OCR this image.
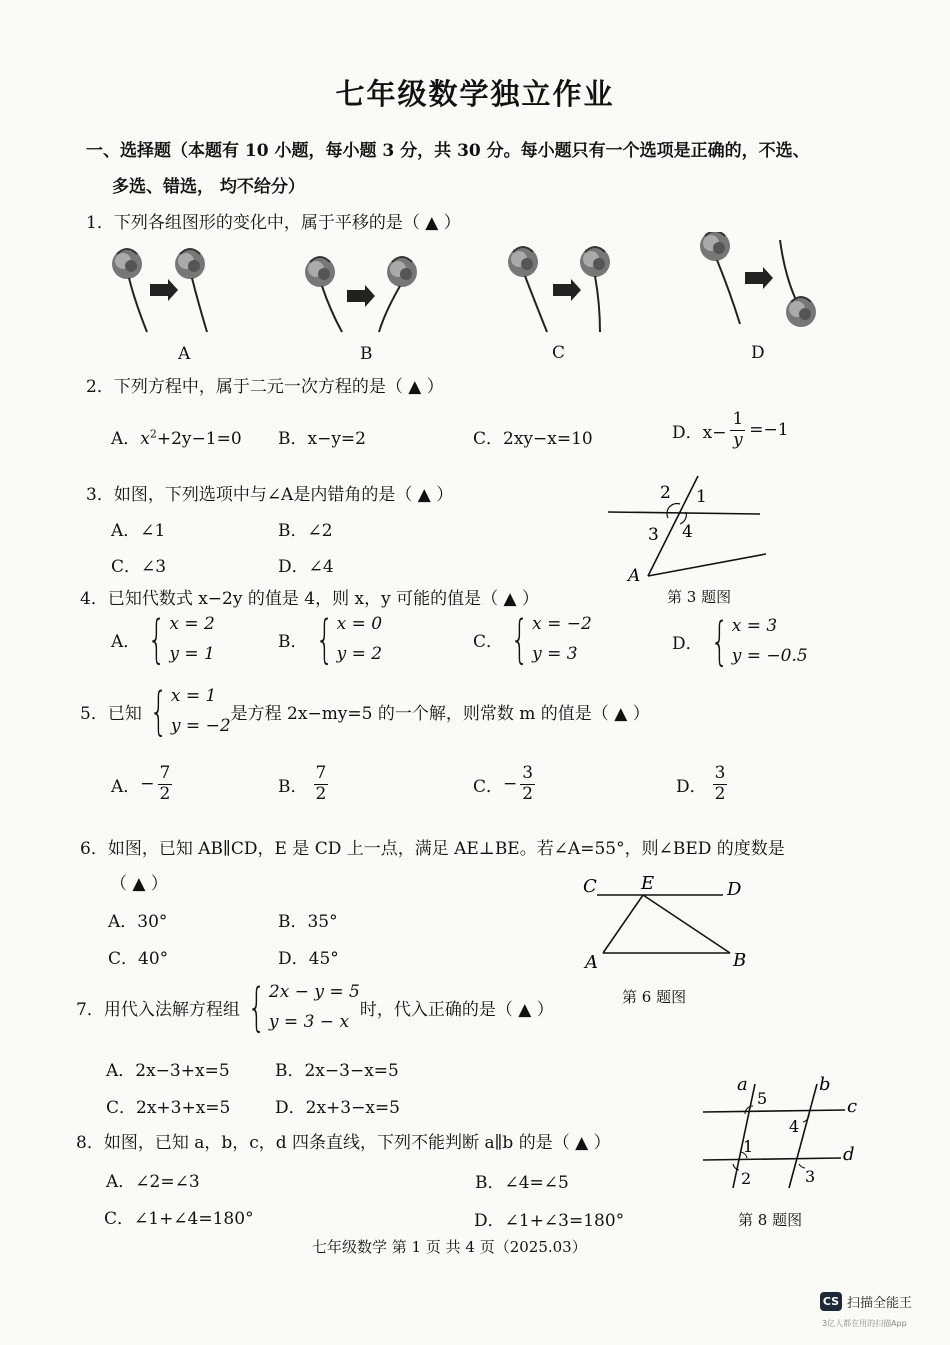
七年级数学独立作业
一、选择题（本题有 10 小题，每小题 3 分，共 30 分。每小题只有一个选项是正确的，不选、
多选、错选， 均不给分）
1．下列各组图形的变化中，属于平移的是（ ▲ ）
A	B	C	D
2．下列方程中，属于二元一次方程的是（ ▲ ）
A．$x^2+2y-1=0$ B．x−y=2	C．2xy−x=10	D．$x- \frac{1}{y} =-1$
3．如图，下列选项中与∠A是内错角的是（ ▲ ）
A．∠1	B．∠2
C．∠3	D．∠4
2 1
3 4
A
第 3 题图
4．已知代数式 x−2y 的值是 4，则 x，y 可能的值是（ ▲ ）
A． { x = 2
y = 1
B． { x = 0
y = 2
C． { x = −2
y = 3	D． { x = 3
y = −0.5
5．已知 { x = 1
y = −2
是方程 2x−my=5 的一个解，则常数 m 的值是（ ▲ ）
A． − $\frac{7}{2}$	B． $\frac{7}{2}$	C． − $\frac{3}{2}$	D． $\frac{3}{2}$
6．如图，已知 AB∥CD，E 是 CD 上一点，满足 AE⊥BE。若∠A=55°，则∠BED 的度数是
（ ▲ ）
A．30°	B．35°
C．40°	D．45°
C E	D
A	B
第 6 题图
7．用代入法解方程组 { 2x − y = 5
y = 3 − x
时，代入正确的是（ ▲ ）
A．2x−3+x=5	B．2x−3−x=5
C．2x+3+x=5	D．2x+3−x=5
8．如图，已知 a，b，c，d 四条直线，下列不能判断 a∥b 的是（ ▲ ）
A．∠2=∠3	B．∠4=∠5
C．∠1+∠4=180°	D．∠1+∠3=180°
a	b
c
d
5
4
1
2	3
第 8 题图
七年级数学 第 1 页 共 4 页（2025.03）
CS 扫描全能王
3亿人都在用的扫描App
